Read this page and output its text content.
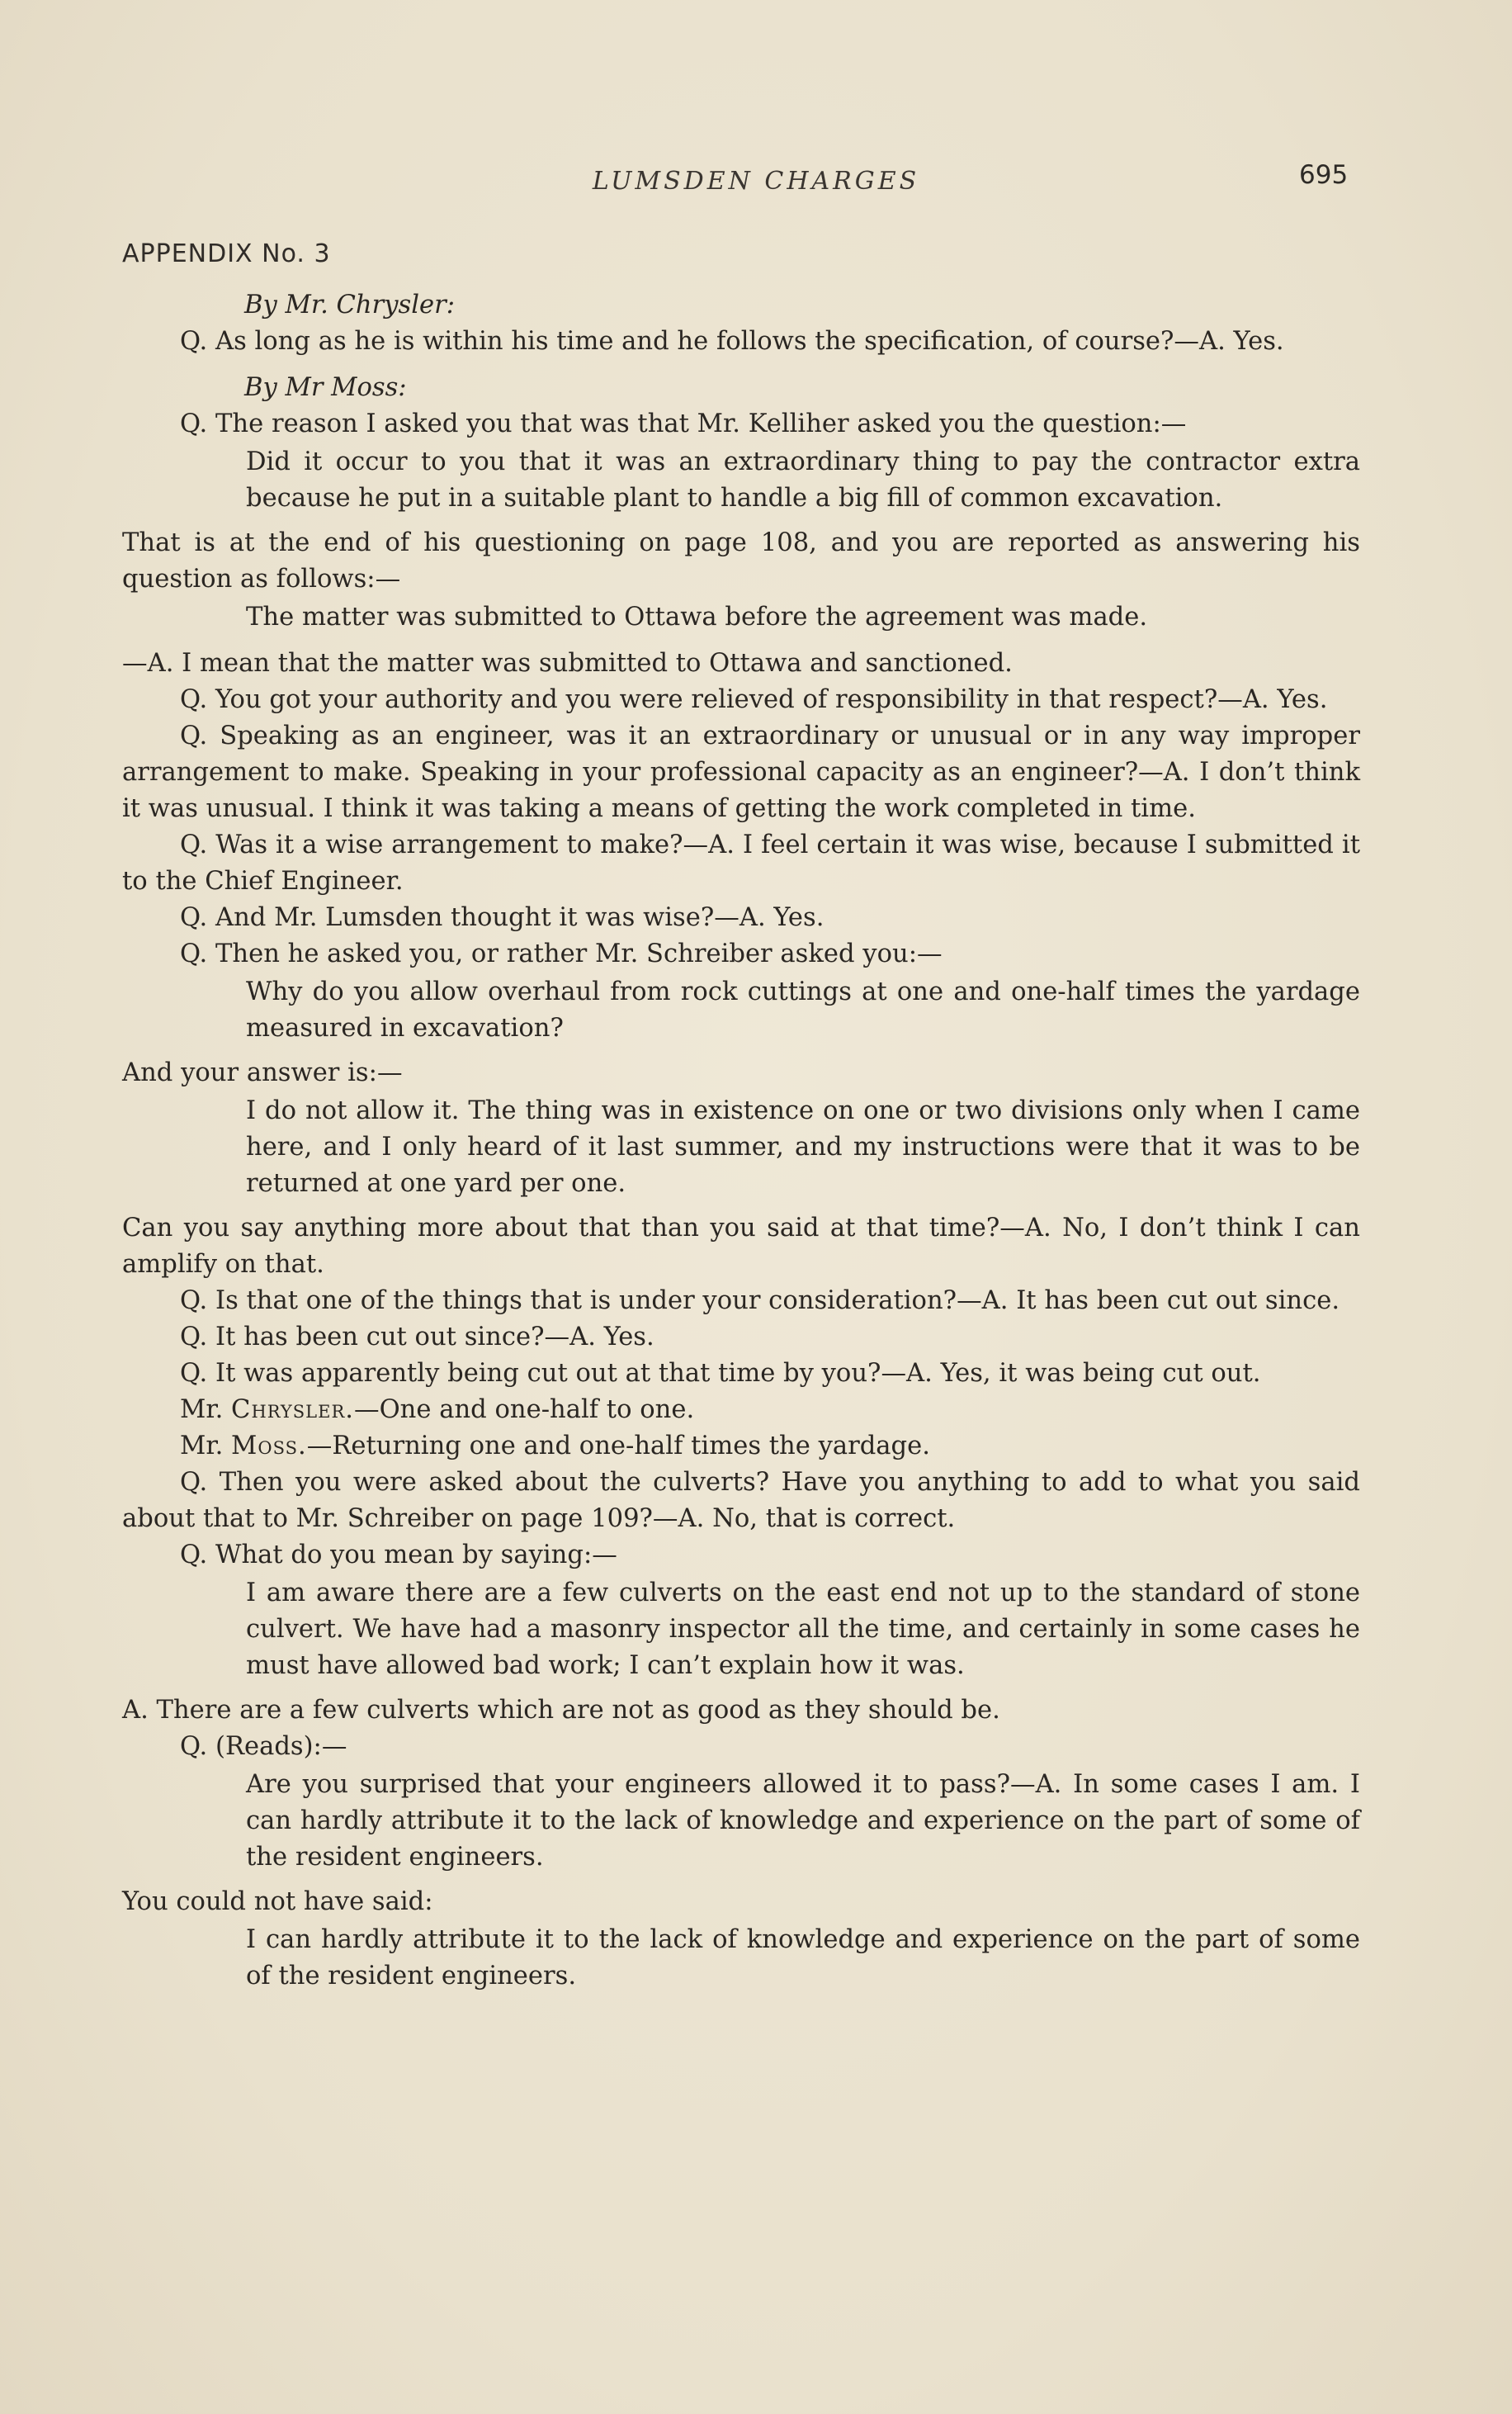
LUMSDEN CHARGES	695
APPENDIX No. 3

By Mr. Chrysler:

Q. As long as he is within his time and he follows the specification, of course?—A. Yes.

By Mr Moss:

Q. The reason I asked you that was that Mr. Kelliher asked you the question:—

Did it occur to you that it was an extraordinary thing to pay the contractor extra because he put in a suitable plant to handle a big fill of common excavation.

That is at the end of his questioning on page 108, and you are reported as answering his question as follows:—

The matter was submitted to Ottawa before the agreement was made.

—A. I mean that the matter was submitted to Ottawa and sanctioned.

Q. You got your authority and you were relieved of responsibility in that respect?—A. Yes.

Q. Speaking as an engineer, was it an extraordinary or unusual or in any way improper arrangement to make. Speaking in your professional capacity as an engineer?—A. I don’t think it was unusual. I think it was taking a means of getting the work completed in time.

Q. Was it a wise arrangement to make?—A. I feel certain it was wise, because I submitted it to the Chief Engineer.

Q. And Mr. Lumsden thought it was wise?—A. Yes.

Q. Then he asked you, or rather Mr. Schreiber asked you:—

Why do you allow overhaul from rock cuttings at one and one-half times the yardage measured in excavation?

And your answer is:—

I do not allow it. The thing was in existence on one or two divisions only when I came here, and I only heard of it last summer, and my instructions were that it was to be returned at one yard per one.

Can you say anything more about that than you said at that time?—A. No, I don’t think I can amplify on that.

Q. Is that one of the things that is under your consideration?—A. It has been cut out since.

Q. It has been cut out since?—A. Yes.

Q. It was apparently being cut out at that time by you?—A. Yes, it was being cut out.

Mr. Chrysler.—One and one-half to one.

Mr. Moss.—Returning one and one-half times the yardage.

Q. Then you were asked about the culverts? Have you anything to add to what you said about that to Mr. Schreiber on page 109?—A. No, that is correct.

Q. What do you mean by saying:—

I am aware there are a few culverts on the east end not up to the standard of stone culvert. We have had a masonry inspector all the time, and certainly in some cases he must have allowed bad work; I can’t explain how it was.

A. There are a few culverts which are not as good as they should be.

Q. (Reads):—

Are you surprised that your engineers allowed it to pass?—A. In some cases I am. I can hardly attribute it to the lack of knowledge and experience on the part of some of the resident engineers.

You could not have said:

I can hardly attribute it to the lack of knowledge and experience on the part of some of the resident engineers.
